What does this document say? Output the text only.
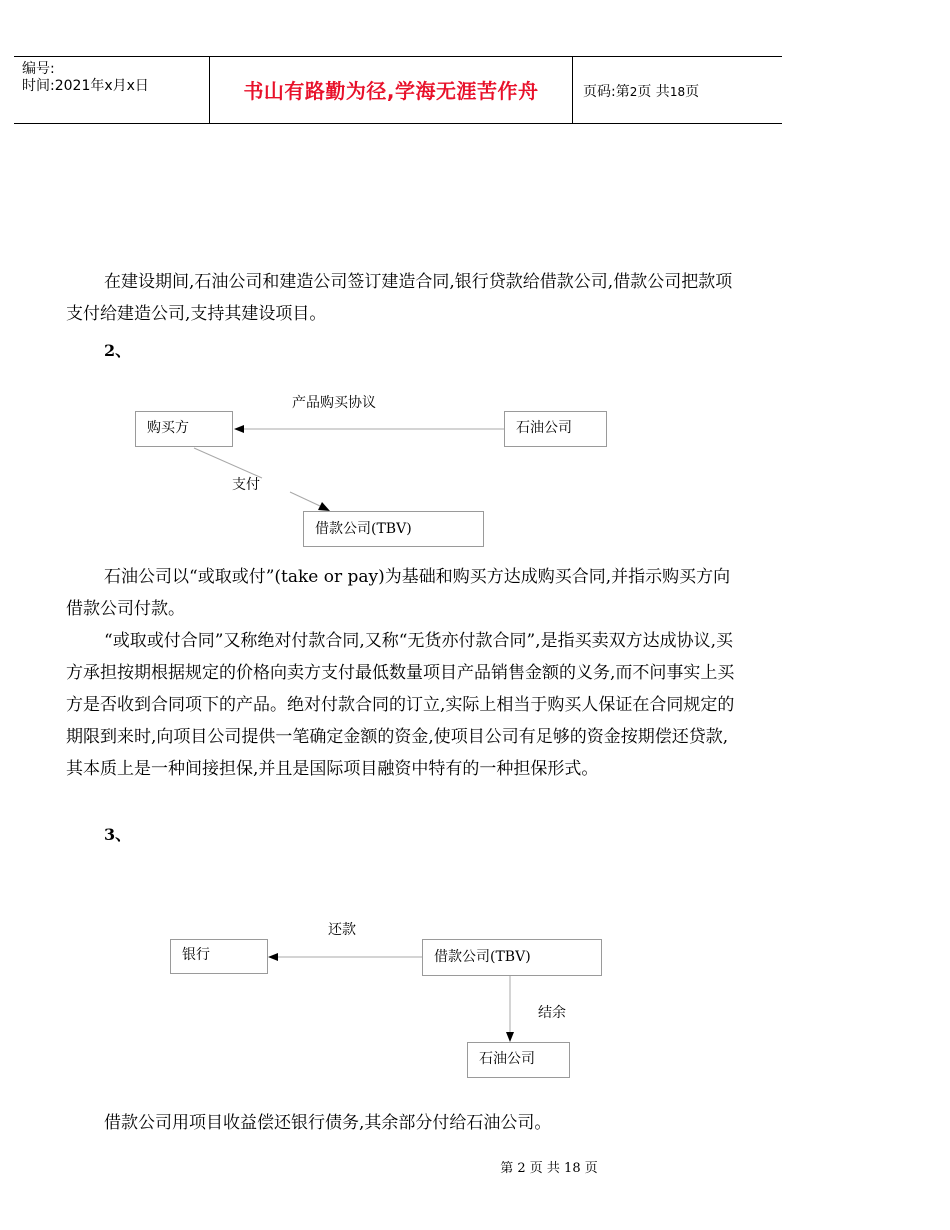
编号:
时间:2021年x月x日	书山有路勤为径,学海无涯苦作舟	页码:第2页 共18页
在建设期间,石油公司和建造公司签订建造合同,银行贷款给借款公司,借款公司把款项支付给建造公司,支持其建设项目。
2、
购买方	石油公司
借款公司(TBV)
产品购买协议
支付
石油公司以“或取或付”(take or pay)为基础和购买方达成购买合同,并指示购买方向借款公司付款。
“或取或付合同”又称绝对付款合同,又称“无货亦付款合同”,是指买卖双方达成协议,买方承担按期根据规定的价格向卖方支付最低数量项目产品销售金额的义务,而不问事实上买方是否收到合同项下的产品。绝对付款合同的订立,实际上相当于购买人保证在合同规定的期限到来时,向项目公司提供一笔确定金额的资金,使项目公司有足够的资金按期偿还贷款,其本质上是一种间接担保,并且是国际项目融资中特有的一种担保形式。
3、
银行	借款公司(TBV)
石油公司
还款
结余
借款公司用项目收益偿还银行债务,其余部分付给石油公司。
第 2 页 共 18 页
